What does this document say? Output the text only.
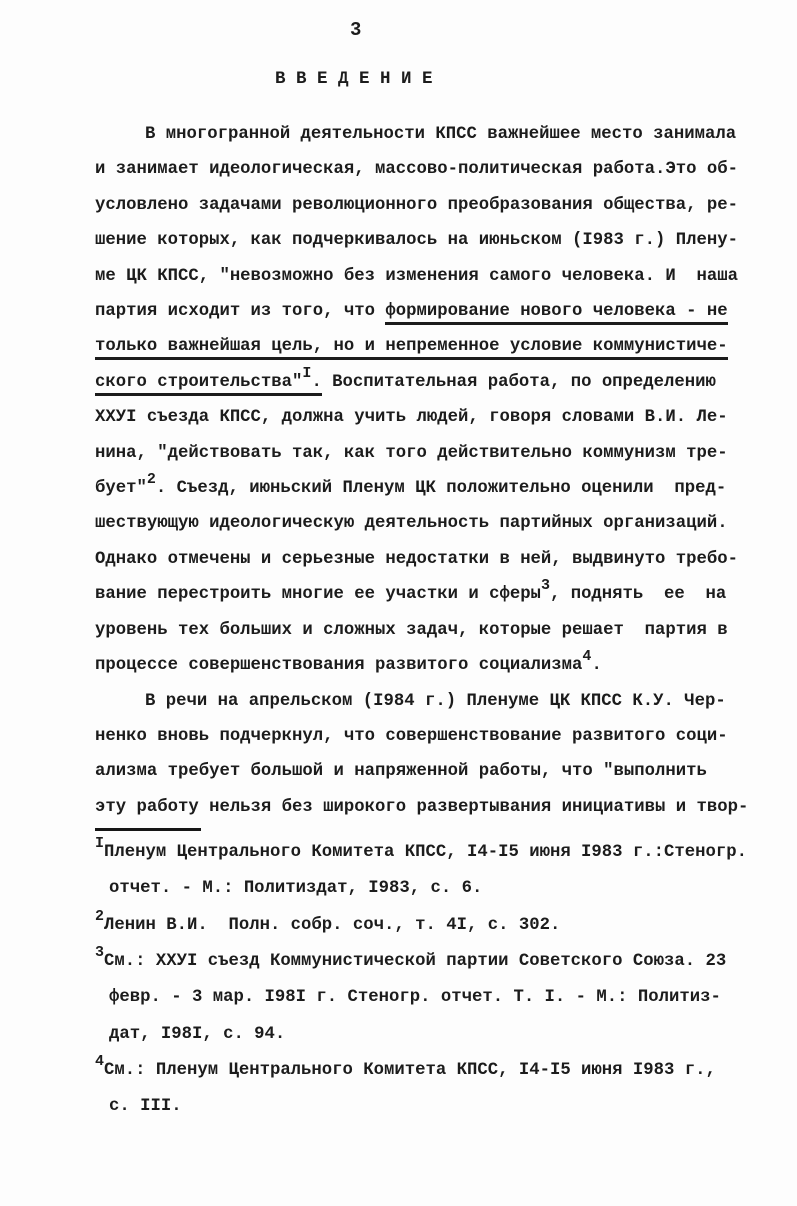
3
В В Е Д Е Н И Е
В многогранной деятельности КПСС важнейшее место занимала
и занимает идеологическая, массово-политическая работа.Это об-
условлено задачами революционного преобразования общества, ре-
шение которых, как подчеркивалось на июньском (I983 г.) Плену-
ме ЦК КПСС, "невозможно без изменения самого человека. И  наша
партия исходит из того, что формирование нового человека - не
только важнейшая цель, но и непременное условие коммунистиче-
ского строительства"I. Воспитательная работа, по определению
XXУI съезда КПСС, должна учить людей, говоря словами В.И. Ле-
нина, "действовать так, как того действительно коммунизм тре-
бует"2. Съезд, июньский Пленум ЦК положительно оценили  пред-
шествующую идеологическую деятельность партийных организаций.
Однако отмечены и серьезные недостатки в ней, выдвинуто требо-
вание перестроить многие ее участки и сферы3, поднять  ее  на
уровень тех больших и сложных задач, которые решает  партия в
процессе совершенствования развитого социализма4.
В речи на апрельском (I984 г.) Пленуме ЦК КПСС К.У. Чер-
ненко вновь подчеркнул, что совершенствование развитого соци-
ализма требует большой и напряженной работы, что "выполнить
эту работу нельзя без широкого развертывания инициативы и твор-
IПленум Центрального Комитета КПСС, I4-I5 июня I983 г.:Стеногр.
отчет. - М.: Политиздат, I983, с. 6.
2Ленин В.И.  Полн. собр. соч., т. 4I, с. 302.
3См.: XXУI съезд Коммунистической партии Советского Союза. 23
февр. - 3 мар. I98I г. Стеногр. отчет. Т. I. - М.: Политиз-
дат, I98I, с. 94.
4См.: Пленум Центрального Комитета КПСС, I4-I5 июня I983 г.,
с. III.
